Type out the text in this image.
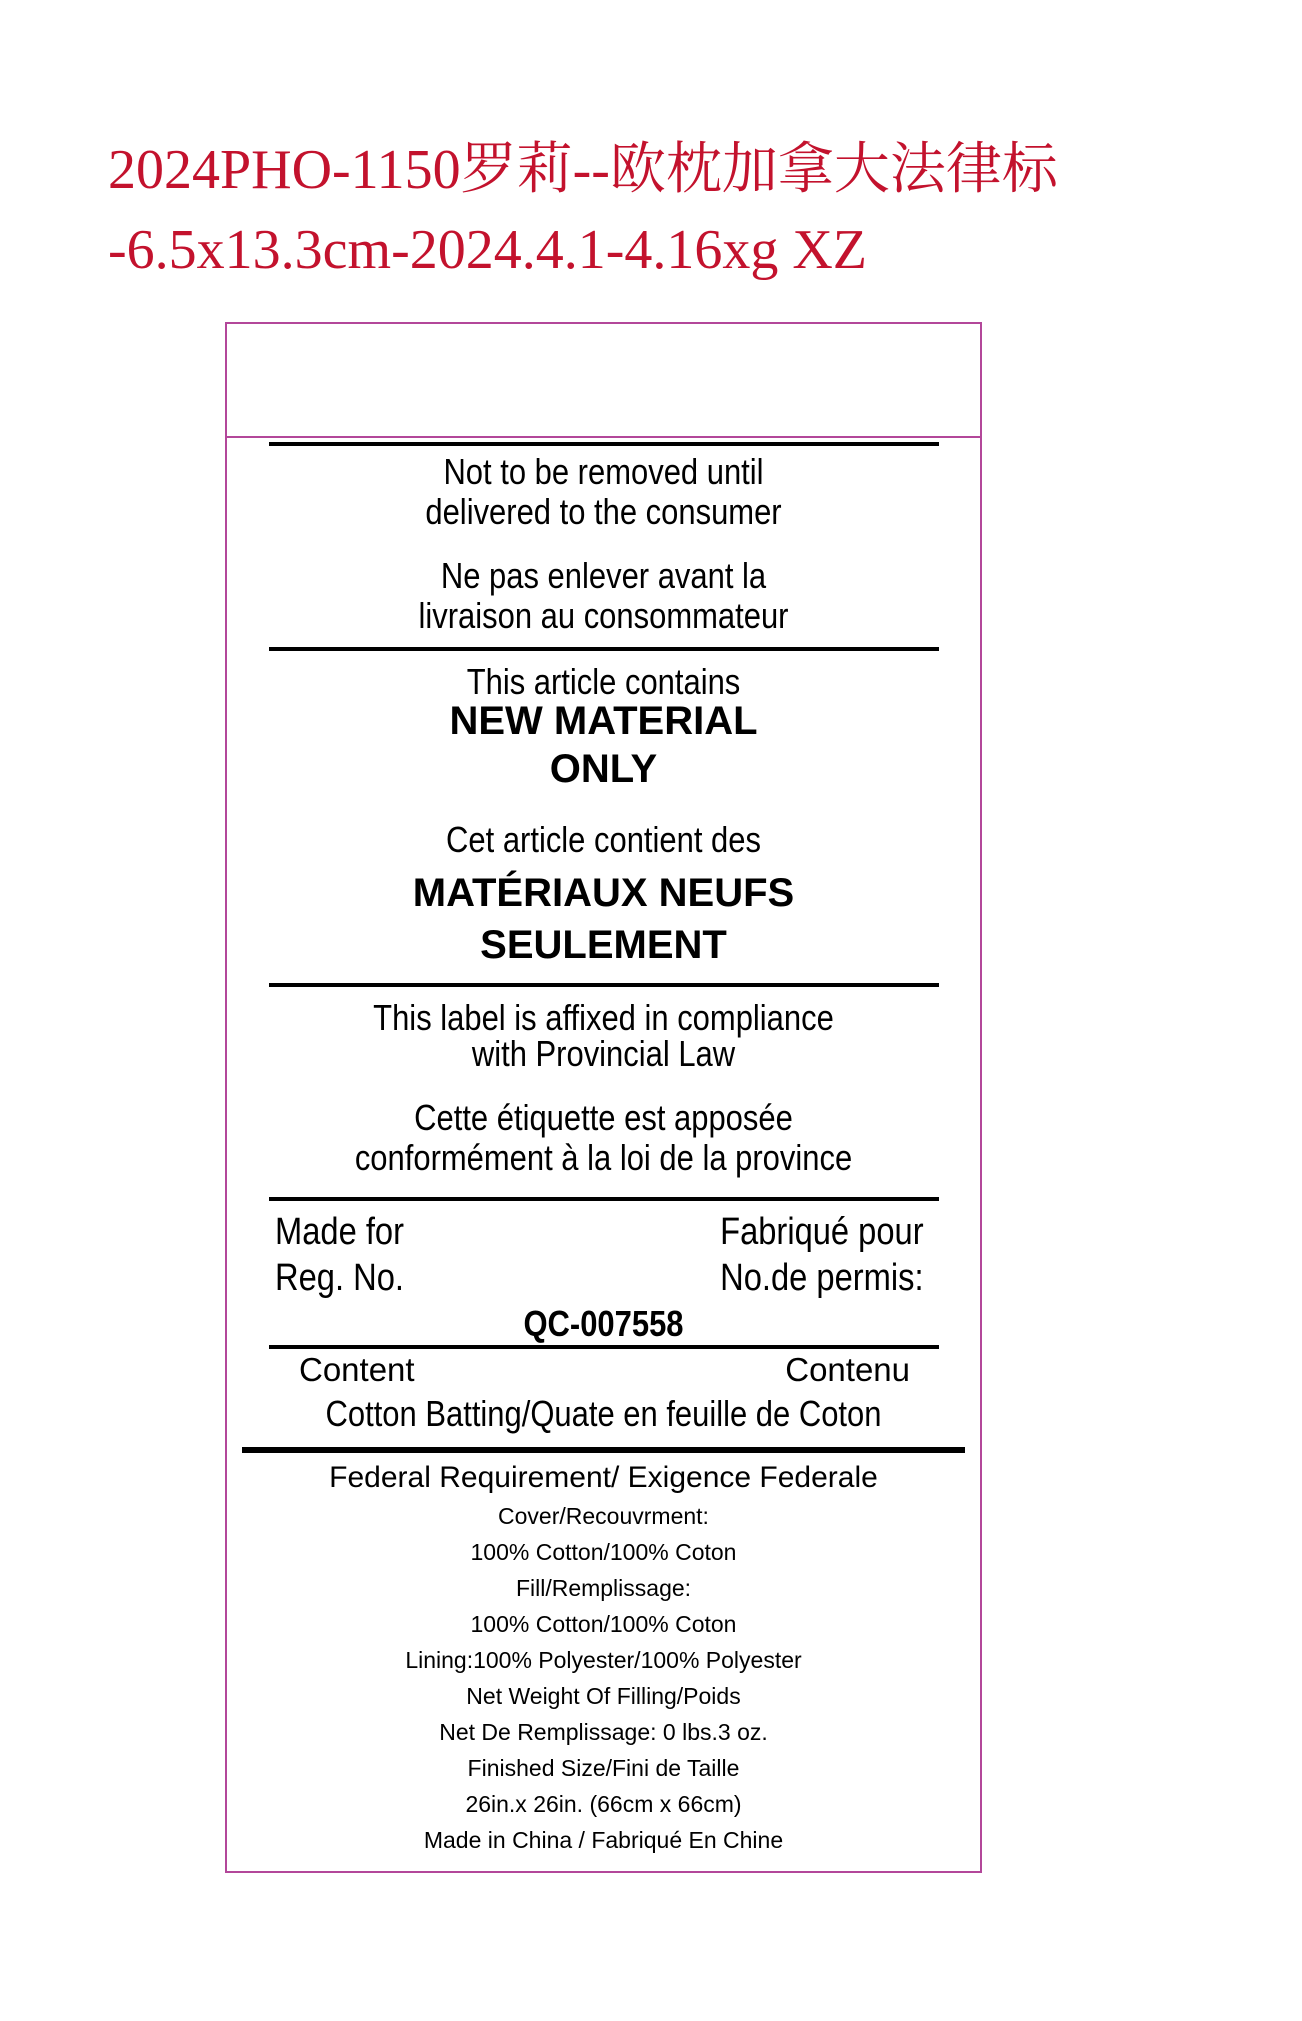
2024PHO-1150罗莉--欧枕加拿大法律标
-6.5x13.3cm-2024.4.1-4.16xg XZ
Not to be removed until
delivered to the consumer
Ne pas enlever avant la
livraison au consommateur
This article contains
NEW MATERIAL
ONLY
Cet article contient des
MATÉRIAUX NEUFS
SEULEMENT
This label is affixed in compliance
with Provincial Law
Cette étiquette est apposée
conformément à la loi de la province
Made for	Fabriqué pour
Reg. No.	No.de permis:
QC-007558
Content	Contenu
Cotton Batting/Quate en feuille de Coton
Federal Requirement/ Exigence Federale
Cover/Recouvrment:
100% Cotton/100% Coton
Fill/Remplissage:
100% Cotton/100% Coton
Lining:100% Polyester/100% Polyester
Net Weight Of Filling/Poids
Net De Remplissage: 0 lbs.3 oz.
Finished Size/Fini de Taille
26in.x 26in. (66cm x 66cm)
Made in China / Fabriqué En Chine
